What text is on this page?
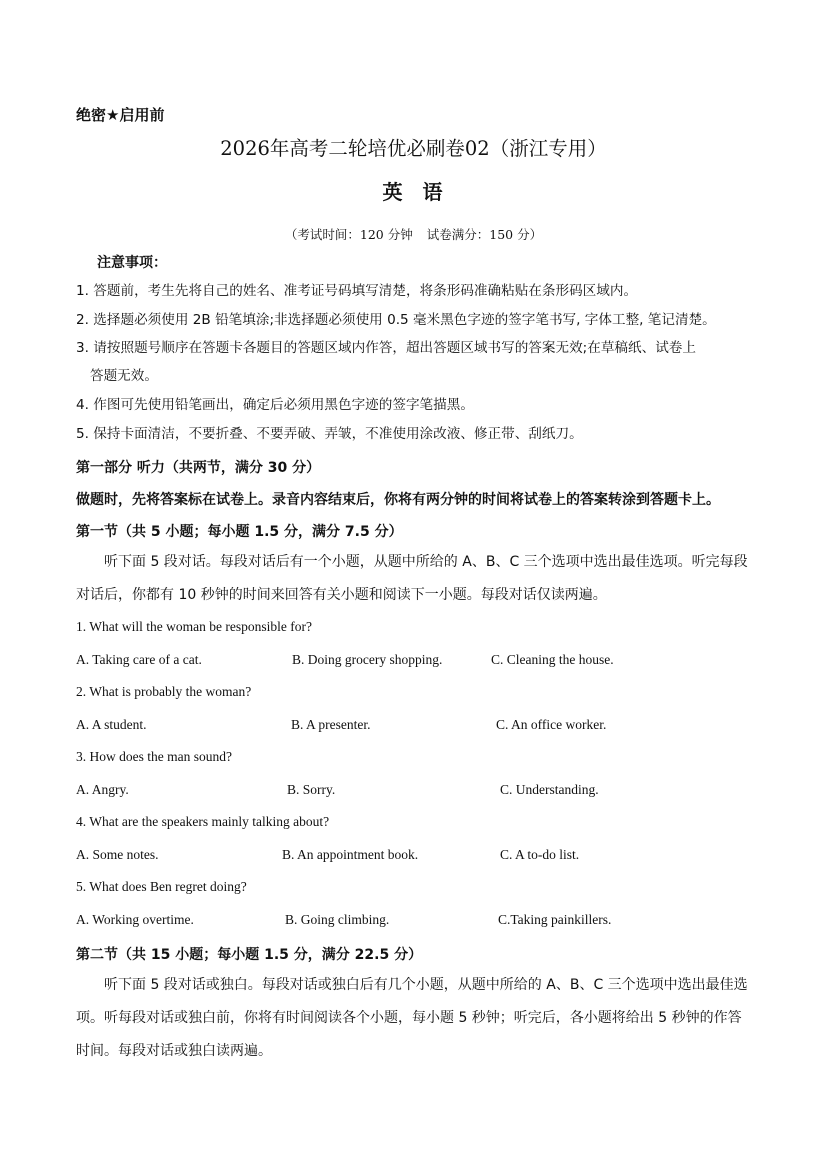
绝密★启用前
2026年高考二轮培优必刷卷02（浙江专用）
英 语
（考试时间：120 分钟 试卷满分：150 分）
注意事项：
1. 答题前，考生先将自己的姓名、准考证号码填写清楚，将条形码准确粘贴在条形码区域内。
2. 选择题必须使用 2B 铅笔填涂;非选择题必须使用 0.5 毫米黑色字迹的签字笔书写, 字体工整, 笔记清楚。
3. 请按照题号顺序在答题卡各题目的答题区域内作答，超出答题区域书写的答案无效;在草稿纸、试卷上
答题无效。
4. 作图可先使用铅笔画出，确定后必须用黑色字迹的签字笔描黑。
5. 保持卡面清洁，不要折叠、不要弄破、弄皱，不准使用涂改液、修正带、刮纸刀。
第一部分 听力（共两节，满分 30 分）
做题时，先将答案标在试卷上。录音内容结束后，你将有两分钟的时间将试卷上的答案转涂到答题卡上。
第一节（共 5 小题；每小题 1.5 分，满分 7.5 分）
听下面 5 段对话。每段对话后有一个小题，从题中所给的 A、B、C 三个选项中选出最佳选项。听完每段对话后，你都有 10 秒钟的时间来回答有关小题和阅读下一小题。每段对话仅读两遍。
1. What will the woman be responsible for?
A. Taking care of a cat.	B. Doing grocery shopping.	C. Cleaning the house.
2. What is probably the woman?
A. A student.	B. A presenter.	C. An office worker.
3. How does the man sound?
A. Angry.	B. Sorry.	C. Understanding.
4. What are the speakers mainly talking about?
A. Some notes.	B. An appointment book.	C. A to-do list.
5. What does Ben regret doing?
A. Working overtime.	B. Going climbing.	C.Taking painkillers.
第二节（共 15 小题；每小题 1.5 分，满分 22.5 分）
听下面 5 段对话或独白。每段对话或独白后有几个小题，从题中所给的 A、B、C 三个选项中选出最佳选项。听每段对话或独白前，你将有时间阅读各个小题，每小题 5 秒钟；听完后，各小题将给出 5 秒钟的作答时间。每段对话或独白读两遍。
